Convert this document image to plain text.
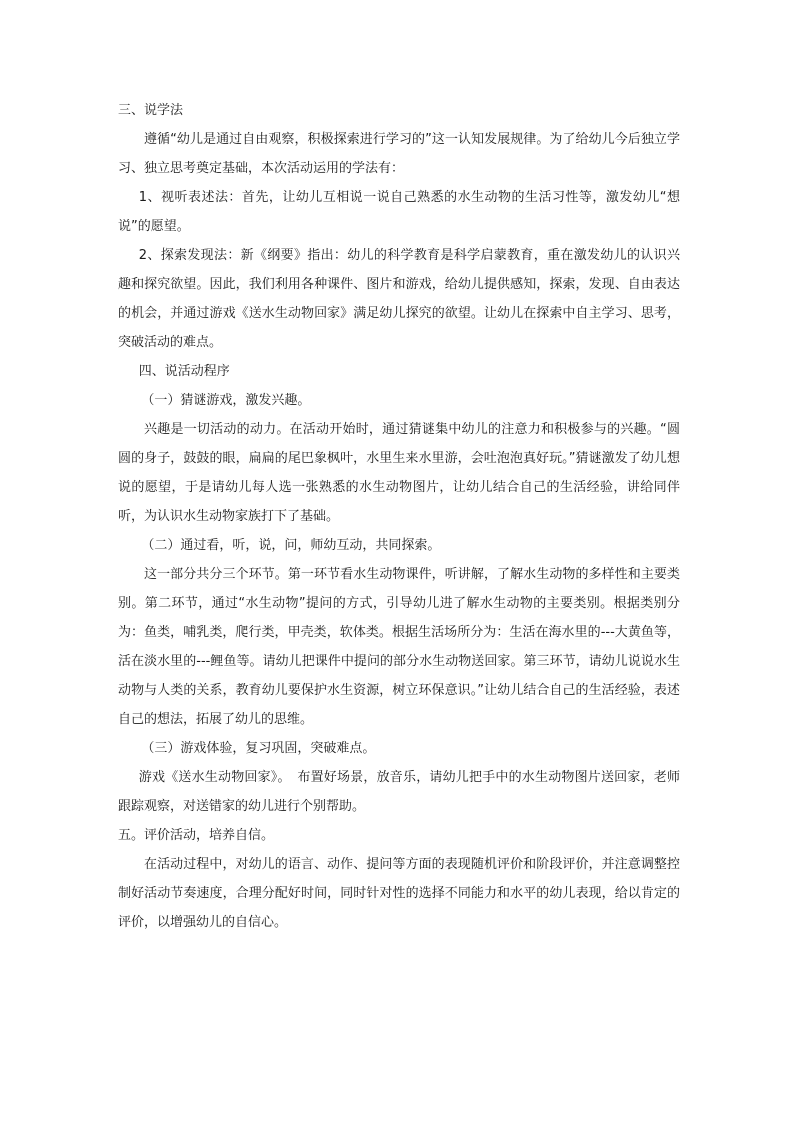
三、说学法

遵循“幼儿是通过自由观察，积极探索进行学习的”这一认知发展规律。为了给幼儿今后独立学习、独立思考奠定基础，本次活动运用的学法有：

1、视听表述法：首先，让幼儿互相说一说自己熟悉的水生动物的生活习性等，激发幼儿“想说”的愿望。

2、探索发现法：新《纲要》指出：幼儿的科学教育是科学启蒙教育，重在激发幼儿的认识兴趣和探究欲望。因此，我们利用各种课件、图片和游戏，给幼儿提供感知，探索，发现、自由表达的机会，并通过游戏《送水生动物回家》满足幼儿探究的欲望。让幼儿在探索中自主学习、思考，突破活动的难点。

四、说活动程序

（一）猜谜游戏，激发兴趣。

兴趣是一切活动的动力。在活动开始时，通过猜谜集中幼儿的注意力和积极参与的兴趣。“圆圆的身子，鼓鼓的眼，扁扁的尾巴象枫叶，水里生来水里游，会吐泡泡真好玩。”猜谜激发了幼儿想说的愿望，于是请幼儿每人选一张熟悉的水生动物图片，让幼儿结合自己的生活经验，讲给同伴听，为认识水生动物家族打下了基础。

（二）通过看，听，说，问，师幼互动，共同探索。

这一部分共分三个环节。第一环节看水生动物课件，听讲解，了解水生动物的多样性和主要类别。第二环节，通过“水生动物”提问的方式，引导幼儿进了解水生动物的主要类别。根据类别分为：鱼类，哺乳类，爬行类，甲壳类，软体类。根据生活场所分为：生活在海水里的---大黄鱼等，活在淡水里的---鲤鱼等。请幼儿把课件中提问的部分水生动物送回家。第三环节，请幼儿说说水生动物与人类的关系，教育幼儿要保护水生资源，树立环保意识。”让幼儿结合自己的生活经验，表述自己的想法，拓展了幼儿的思维。

（三）游戏体验，复习巩固，突破难点。

游戏《送水生动物回家》。　布置好场景，放音乐，请幼儿把手中的水生动物图片送回家，老师跟踪观察，对送错家的幼儿进行个别帮助。

五。评价活动，培养自信。

在活动过程中，对幼儿的语言、动作、提问等方面的表现随机评价和阶段评价，并注意调整控制好活动节奏速度，合理分配好时间，同时针对性的选择不同能力和水平的幼儿表现，给以肯定的评价，以增强幼儿的自信心。
